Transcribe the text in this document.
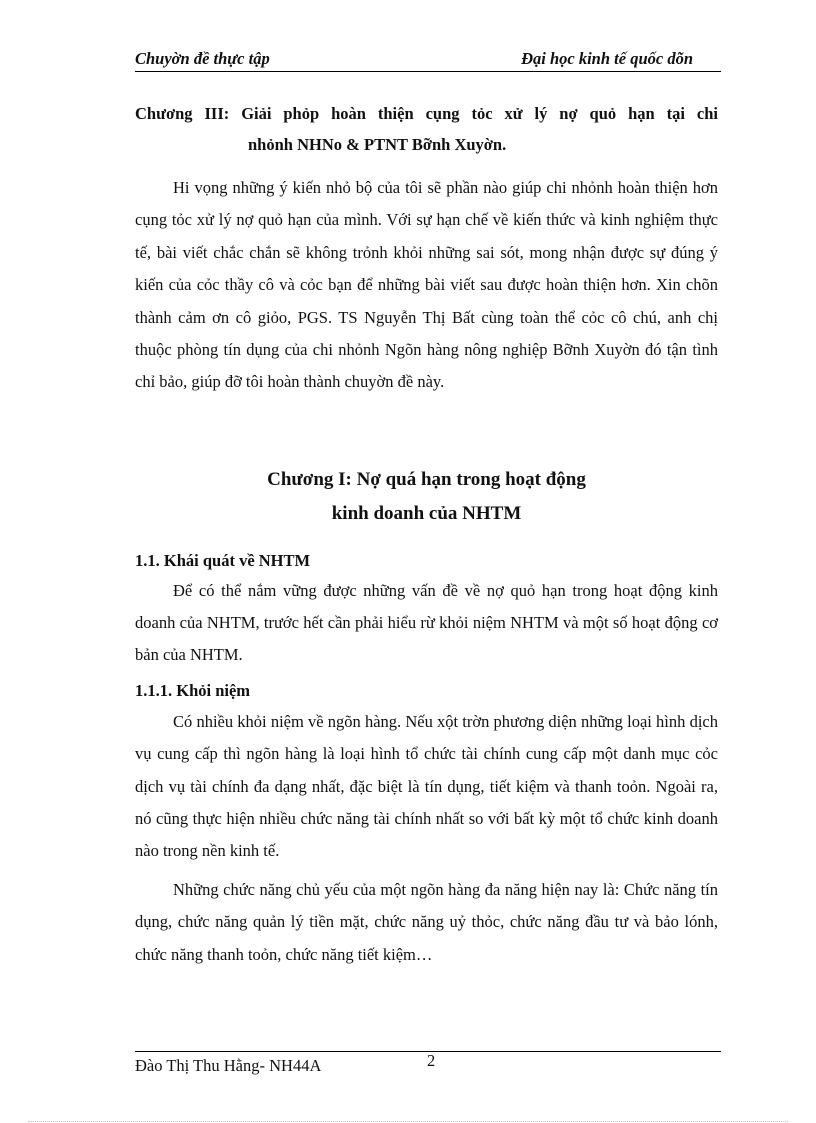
Chuyờn đề thực tập	Đại học kinh tế quốc dõn
Chương III: Giải phỏp hoàn thiện cụng tỏc xử lý nợ quỏ hạn tại chi
nhỏnh NHNo & PTNT Bỡnh Xuyờn.

Hi vọng những ý kiến nhỏ bộ của tôi sẽ phần nào giúp chi nhỏnh hoàn thiện hơn cụng tỏc xử lý nợ quỏ hạn của mình. Với sự hạn chế về kiến thức và kinh nghiệm thực tế, bài viết chắc chắn sẽ không trỏnh khỏi những sai sót, mong nhận được sự đúng ý kiến của cỏc thầy cô và cỏc bạn để những bài viết sau được hoàn thiện hơn. Xin chõn thành cảm ơn cô giỏo, PGS. TS Nguyễn Thị Bất cùng toàn thể cỏc cô chú, anh chị thuộc phòng tín dụng của chi nhỏnh Ngõn hàng nông nghiệp Bỡnh Xuyờn đó tận tình chỉ bảo, giúp đỡ tôi hoàn thành chuyờn đề này.

Chương I: Nợ quá hạn trong hoạt động
kinh doanh của NHTM
1.1. Khái quát về NHTM

Để có thể nắm vững được những vấn đề về nợ quỏ hạn trong hoạt động kinh doanh của NHTM, trước hết cần phải hiểu rừ khỏi niệm NHTM và một số hoạt động cơ bản của NHTM.

1.1.1. Khỏi niệm

Có nhiều khỏi niệm về ngõn hàng. Nếu xột trờn phương diện những loại hình dịch vụ cung cấp thì ngõn hàng là loại hình tổ chức tài chính cung cấp một danh mục cỏc dịch vụ tài chính đa dạng nhất, đặc biệt là tín dụng, tiết kiệm và thanh toỏn. Ngoài ra, nó cũng thực hiện nhiều chức năng tài chính nhất so với bất kỳ một tổ chức kinh doanh nào trong nền kinh tế.

Những chức năng chủ yếu của một ngõn hàng đa năng hiện nay là: Chức năng tín dụng, chức năng quản lý tiền mặt, chức năng uỷ thỏc, chức năng đầu tư và bảo lónh, chức năng thanh toỏn, chức năng tiết kiệm…

Đào Thị Thu Hằng- NH44A	2
